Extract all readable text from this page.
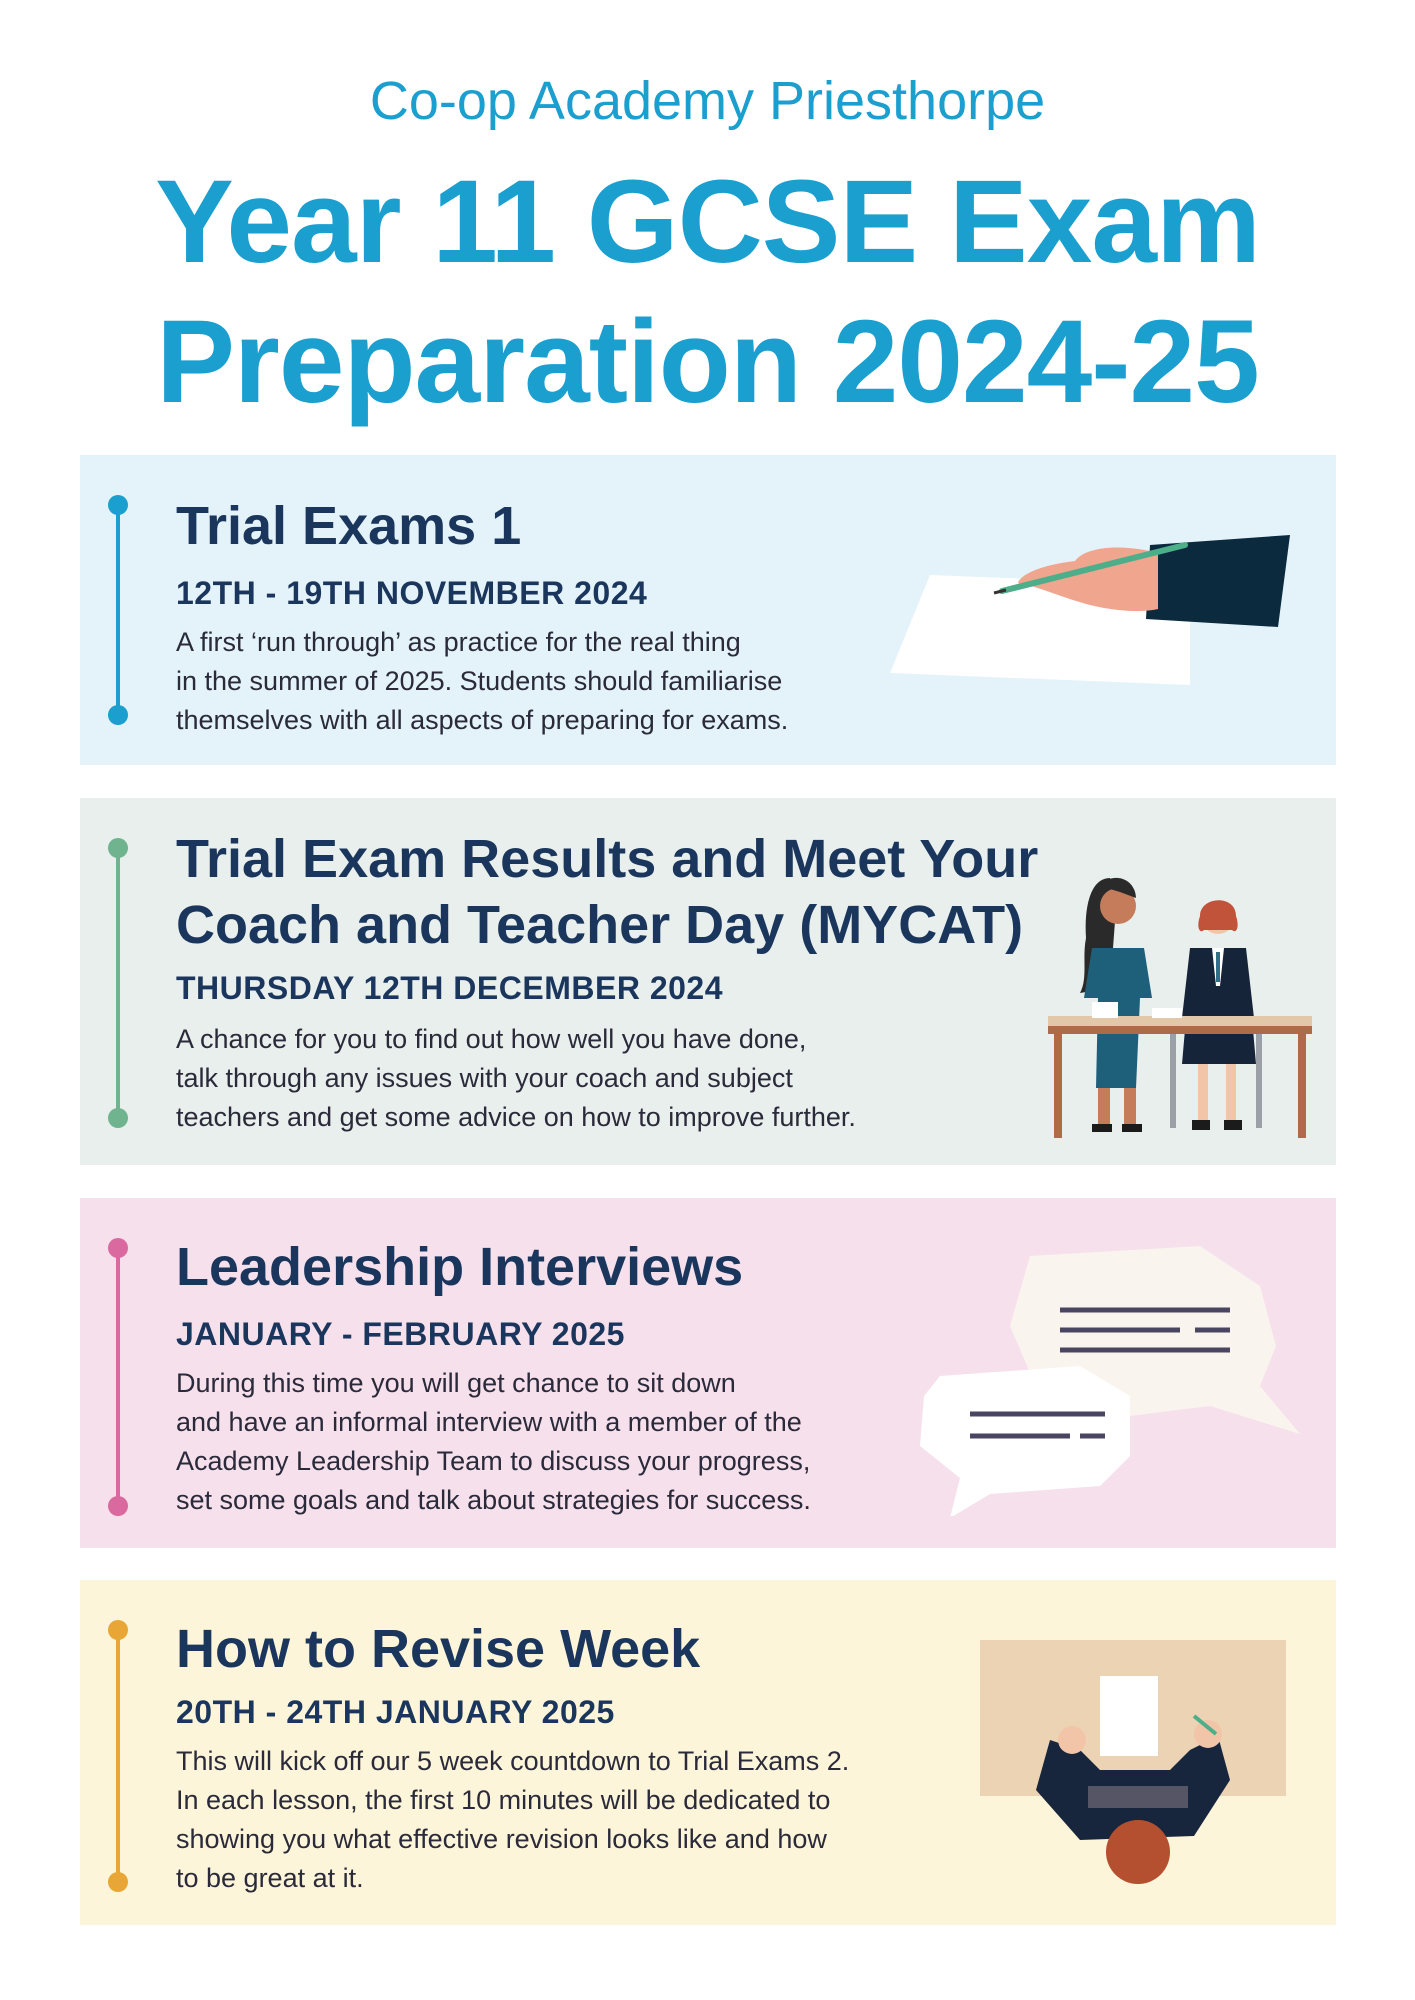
Co-op Academy Priesthorpe
Year 11 GCSE Exam
Preparation 2024-25
Trial Exams 1
12TH - 19TH NOVEMBER 2024
A first ‘run through’ as practice for the real thing
in the summer of 2025. Students should familiarise
themselves with all aspects of preparing for exams.
Trial Exam Results and Meet Your
Coach and Teacher Day (MYCAT)
THURSDAY 12TH DECEMBER 2024
A chance for you to find out how well you have done,
talk through any issues with your coach and subject
teachers and get some advice on how to improve further.
Leadership Interviews
JANUARY - FEBRUARY 2025
During this time you will get chance to sit down
and have an informal interview with a member of the
Academy Leadership Team to discuss your progress,
set some goals and talk about strategies for success.
How to Revise Week
20TH - 24TH JANUARY 2025
This will kick off our 5 week countdown to Trial Exams 2.
In each lesson, the first 10 minutes will be dedicated to
showing you what effective revision looks like and how
to be great at it.
